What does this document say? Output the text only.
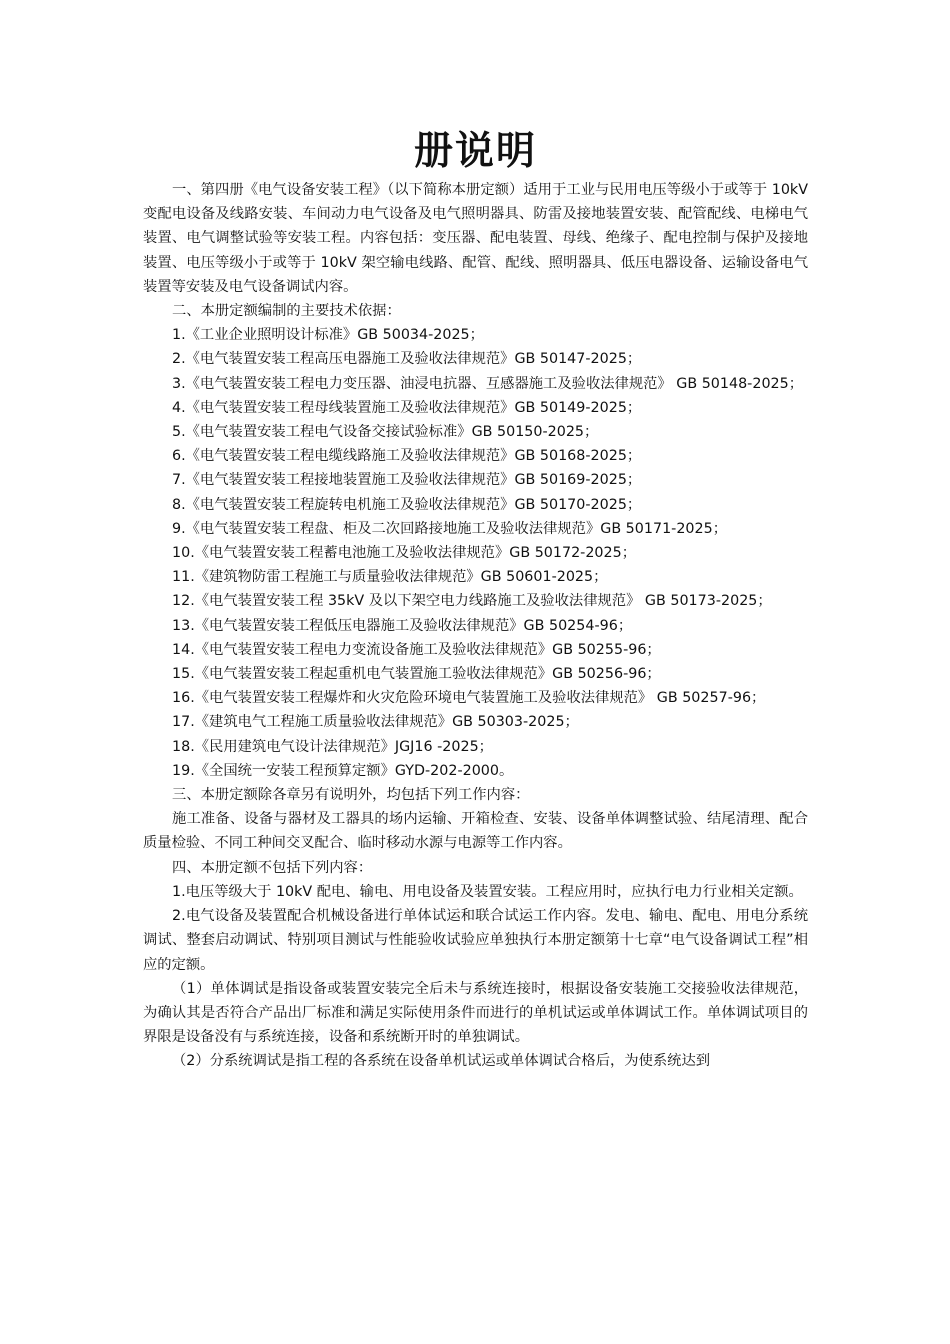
册说明

一、第四册《电气设备安装工程》（以下简称本册定额）适用于工业与民用电压等级小于或等于 10kV 变配电设备及线路安装、车间动力电气设备及电气照明器具、防雷及接地装置安装、配管配线、电梯电气装置、电气调整试验等安装工程。内容包括：变压器、配电装置、母线、绝缘子、配电控制与保护及接地装置、电压等级小于或等于 10kV 架空输电线路、配管、配线、照明器具、低压电器设备、运输设备电气装置等安装及电气设备调试内容。

二、本册定额编制的主要技术依据：

1.《工业企业照明设计标准》GB 50034-2025；

2.《电气装置安装工程高压电器施工及验收法律规范》GB 50147-2025；

3.《电气装置安装工程电力变压器、油浸电抗器、互感器施工及验收法律规范》 GB 50148-2025；

4.《电气装置安装工程母线装置施工及验收法律规范》GB 50149-2025；

5.《电气装置安装工程电气设备交接试验标准》GB 50150-2025；

6.《电气装置安装工程电缆线路施工及验收法律规范》GB 50168-2025；

7.《电气装置安装工程接地装置施工及验收法律规范》GB 50169-2025；

8.《电气装置安装工程旋转电机施工及验收法律规范》GB 50170-2025；

9.《电气装置安装工程盘、柜及二次回路接地施工及验收法律规范》GB 50171-2025；

10.《电气装置安装工程蓄电池施工及验收法律规范》GB 50172-2025；

11.《建筑物防雷工程施工与质量验收法律规范》GB 50601-2025；

12.《电气装置安装工程 35kV 及以下架空电力线路施工及验收法律规范》 GB 50173-2025；

13.《电气装置安装工程低压电器施工及验收法律规范》GB 50254-96；

14.《电气装置安装工程电力变流设备施工及验收法律规范》GB 50255-96；

15.《电气装置安装工程起重机电气装置施工验收法律规范》GB 50256-96；

16.《电气装置安装工程爆炸和火灾危险环境电气装置施工及验收法律规范》 GB 50257-96；

17.《建筑电气工程施工质量验收法律规范》GB 50303-2025；

18.《民用建筑电气设计法律规范》JGJ16 -2025；

19.《全国统一安装工程预算定额》GYD-202-2000。

三、本册定额除各章另有说明外，均包括下列工作内容：

施工准备、设备与器材及工器具的场内运输、开箱检查、安装、设备单体调整试验、结尾清理、配合质量检验、不同工种间交叉配合、临时移动水源与电源等工作内容。

四、本册定额不包括下列内容：

1.电压等级大于 10kV 配电、输电、用电设备及装置安装。工程应用时，应执行电力行业相关定额。

2.电气设备及装置配合机械设备进行单体试运和联合试运工作内容。发电、输电、配电、用电分系统调试、整套启动调试、特别项目测试与性能验收试验应单独执行本册定额第十七章“电气设备调试工程”相应的定额。

（1）单体调试是指设备或装置安装完全后未与系统连接时，根据设备安装施工交接验收法律规范，为确认其是否符合产品出厂标准和满足实际使用条件而进行的单机试运或单体调试工作。单体调试项目的界限是设备没有与系统连接，设备和系统断开时的单独调试。

（2）分系统调试是指工程的各系统在设备单机试运或单体调试合格后，为使系统达到
